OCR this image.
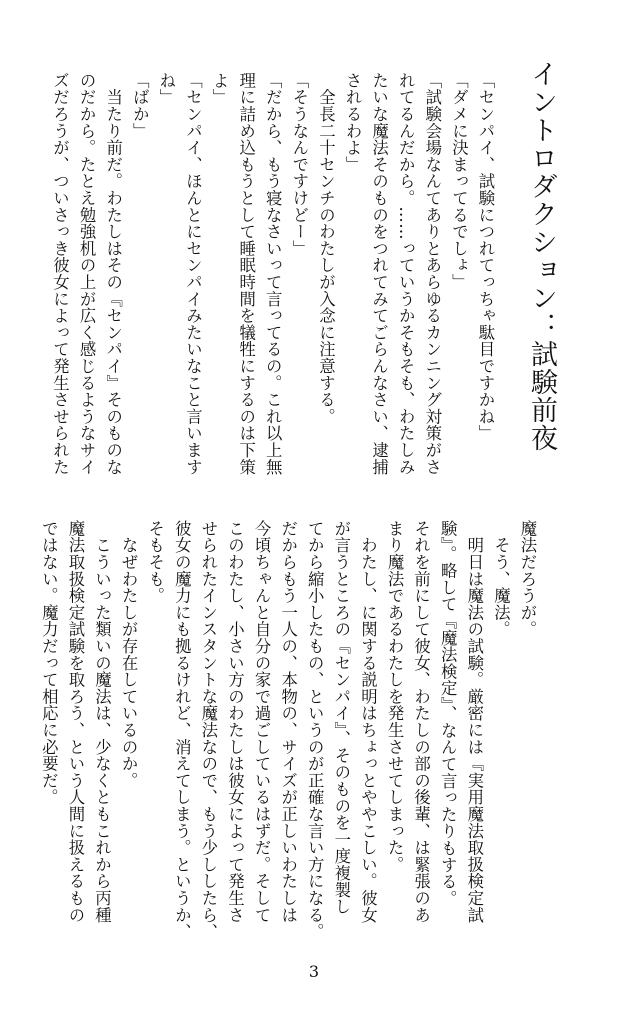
イントロダクション：試験前夜

「センパイ、試験につれてっちゃ駄目ですかね」

「ダメに決まってるでしょ」

「試験会場なんてありとあらゆるカンニング対策がさ

れてるんだから。……っていうかそもそも、わたしみ

たいな魔法そのものをつれてみてごらんなさい、逮捕

されるわよ」

　全長二十センチのわたしが入念に注意する。

「そうなんですけどー」

「だから、もう寝なさいって言ってるの。これ以上無

理に詰め込もうとして睡眠時間を犠牲にするのは下策

よ」

「センパイ、ほんとにセンパイみたいなこと言います

ね」

「ばか」

　当たり前だ。わたしはその『センパイ』そのものな

のだから。たとえ勉強机の上が広く感じるようなサイ

ズだろうが、ついさっき彼女によって発生させられた

魔法だろうが。

　そう、魔法。

　明日は魔法の試験。厳密には『実用魔法取扱検定試

験』。略して『魔法検定』、なんて言ったりもする。

それを前にして彼女、わたしの部の後輩、は緊張のあ

まり魔法であるわたしを発生させてしまった。

　わたし、に関する説明はちょっとややこしい。彼女

が言うところの『センパイ』、そのものを一度複製し

てから縮小したもの、というのが正確な言い方になる。

だからもう一人の、本物の、サイズが正しいわたしは

今頃ちゃんと自分の家で過ごしているはずだ。そして

このわたし、小さい方のわたしは彼女によって発生さ

せられたインスタントな魔法なので、もう少ししたら、

彼女の魔力にも拠るけれど、消えてしまう。というか、

そもそも。

　なぜわたしが存在しているのか。

　こういった類いの魔法は、少なくともこれから丙種

魔法取扱検定試験を取ろう、という人間に扱えるもの

ではない。魔力だって相応に必要だ。

3
